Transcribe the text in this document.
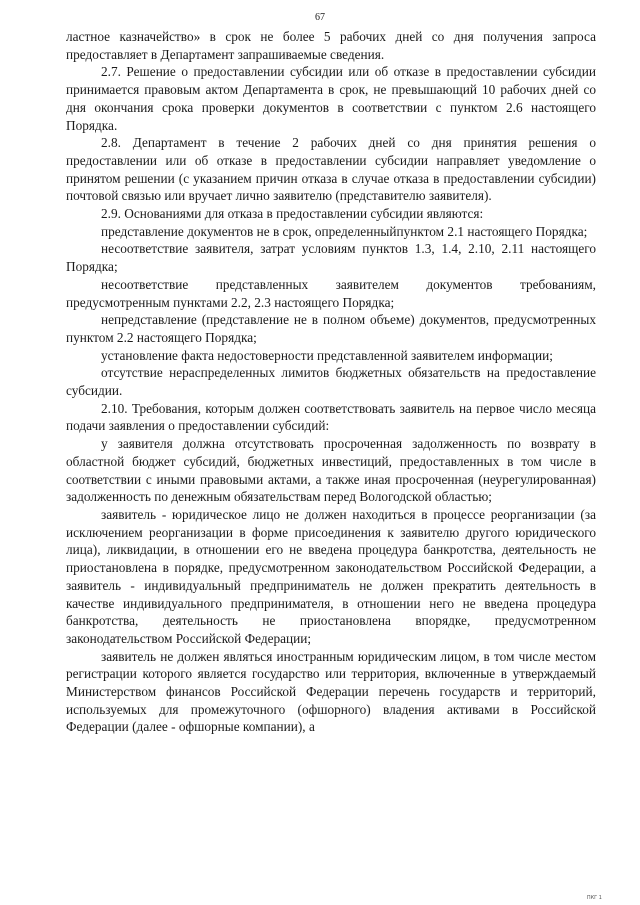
67

ластное казначейство» в срок не более 5 рабочих дней со дня получения запроса предоставляет в Департамент запрашиваемые сведения.

2.7. Решение о предоставлении субсидии или об отказе в предоставлении субсидии принимается правовым актом Департамента в срок, не превышающий 10 рабочих дней со дня окончания срока проверки документов в соответствии с пунктом 2.6 настоящего Порядка.

2.8. Департамент в течение 2 рабочих дней со дня принятия решения о предоставлении или об отказе в предоставлении субсидии направляет уведомление о принятом решении (с указанием причин отказа в случае отказа в предоставлении субсидии) почтовой связью или вручает лично заявителю (представителю заявителя).

2.9. Основаниями для отказа в предоставлении субсидии являются:

представление документов не в срок, определенныйпунктом 2.1 настоящего Порядка;

несоответствие заявителя, затрат условиям пунктов 1.3, 1.4, 2.10, 2.11 настоящего Порядка;

несоответствие представленных заявителем документов требованиям, предусмотренным пунктами 2.2, 2.3 настоящего Порядка;

непредставление (представление не в полном объеме) документов, предусмотренных пунктом 2.2 настоящего Порядка;

установление факта недостоверности представленной заявителем информации;

отсутствие нераспределенных лимитов бюджетных обязательств на предоставление субсидии.

2.10. Требования, которым должен соответствовать заявитель на первое число месяца подачи заявления о предоставлении субсидий:

у заявителя должна отсутствовать просроченная задолженность по возврату в областной бюджет субсидий, бюджетных инвестиций, предоставленных в том числе в соответствии с иными правовыми актами, а также иная просроченная (неурегулированная) задолженность по денежным обязательствам перед Вологодской областью;

заявитель - юридическое лицо не должен находиться в процессе реорганизации (за исключением реорганизации в форме присоединения к заявителю другого юридического лица), ликвидации, в отношении его не введена процедура банкротства, деятельность не приостановлена в порядке, предусмотренном законодательством Российской Федерации, а заявитель - индивидуальный предприниматель не должен прекратить деятельность в качестве индивидуального предпринимателя, в отношении него не введена процедура банкротства, деятельность не приостановлена впорядке, предусмотренном законодательством Российской Федерации;

заявитель не должен являться иностранным юридическим лицом, в том числе местом регистрации которого является государство или территория, включенные в утверждаемый Министерством финансов Российской Федерации перечень государств и территорий, используемых для промежуточного (офшорного) владения активами в Российской Федерации (далее - офшорные компании), а

ПКГ 1
